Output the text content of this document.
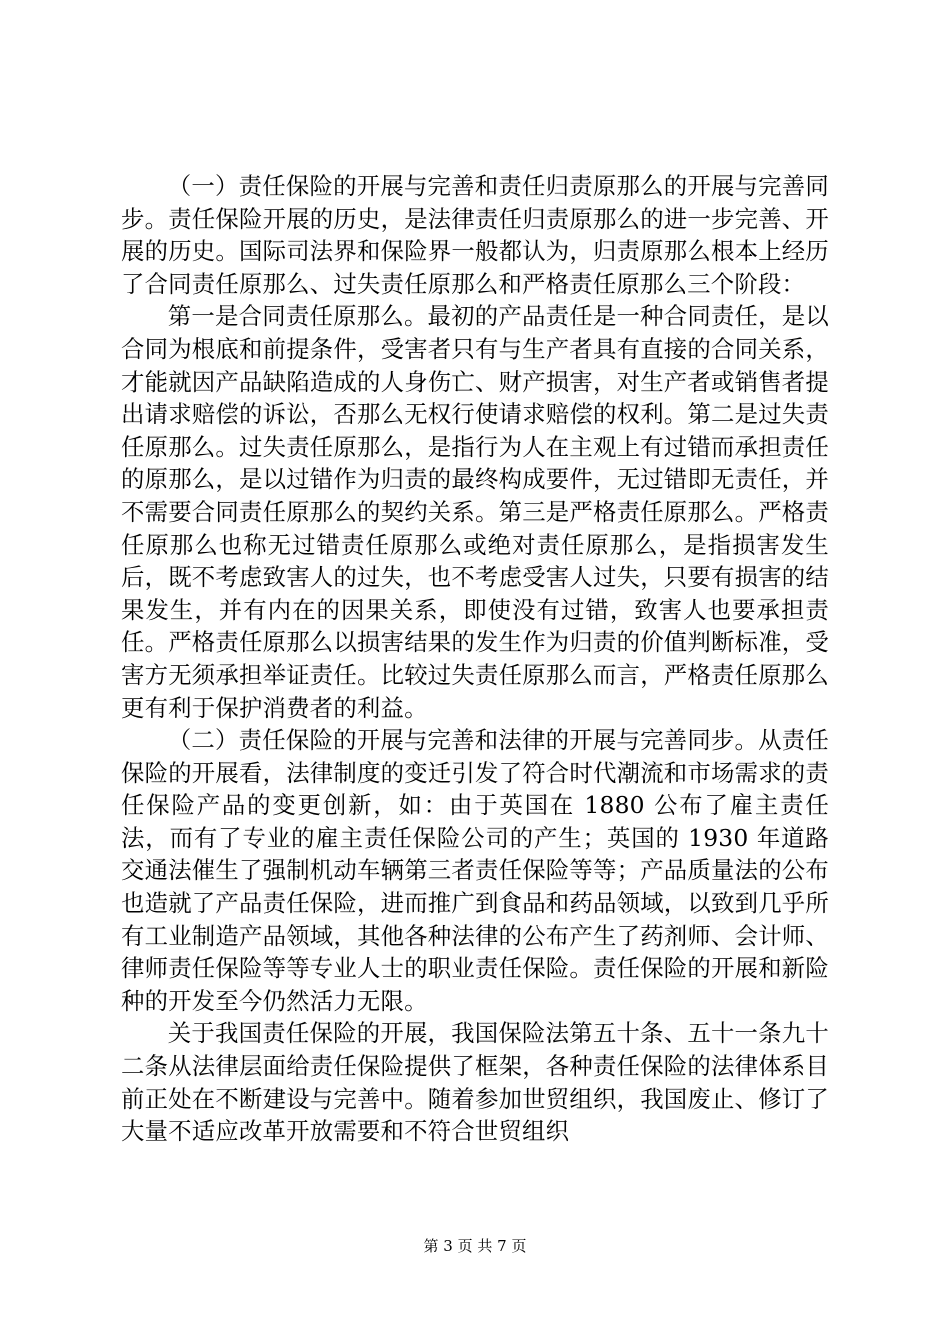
（一）责任保险的开展与完善和责任归责原那么的开展与完善同步。责任保险开展的历史，是法律责任归责原那么的进一步完善、开展的历史。国际司法界和保险界一般都认为，归责原那么根本上经历了合同责任原那么、过失责任原那么和严格责任原那么三个阶段：

第一是合同责任原那么。最初的产品责任是一种合同责任，是以合同为根底和前提条件，受害者只有与生产者具有直接的合同关系，才能就因产品缺陷造成的人身伤亡、财产损害，对生产者或销售者提出请求赔偿的诉讼，否那么无权行使请求赔偿的权利。第二是过失责任原那么。过失责任原那么，是指行为人在主观上有过错而承担责任的原那么，是以过错作为归责的最终构成要件，无过错即无责任，并不需要合同责任原那么的契约关系。第三是严格责任原那么。严格责任原那么也称无过错责任原那么或绝对责任原那么，是指损害发生后，既不考虑致害人的过失，也不考虑受害人过失，只要有损害的结果发生，并有内在的因果关系，即使没有过错，致害人也要承担责任。严格责任原那么以损害结果的发生作为归责的价值判断标准，受害方无须承担举证责任。比较过失责任原那么而言，严格责任原那么更有利于保护消费者的利益。

（二）责任保险的开展与完善和法律的开展与完善同步。从责任保险的开展看，法律制度的变迁引发了符合时代潮流和市场需求的责任保险产品的变更创新，如：由于英国在 1880 公布了雇主责任法，而有了专业的雇主责任保险公司的产生；英国的 1930 年道路交通法催生了强制机动车辆第三者责任保险等等；产品质量法的公布也造就了产品责任保险，进而推广到食品和药品领域，以致到几乎所有工业制造产品领域，其他各种法律的公布产生了药剂师、会计师、律师责任保险等等专业人士的职业责任保险。责任保险的开展和新险种的开发至今仍然活力无限。

关于我国责任保险的开展，我国保险法第五十条、五十一条九十二条从法律层面给责任保险提供了框架，各种责任保险的法律体系目前正处在不断建设与完善中。随着参加世贸组织，我国废止、修订了大量不适应改革开放需要和不符合世贸组织

第 3 页 共 7 页
